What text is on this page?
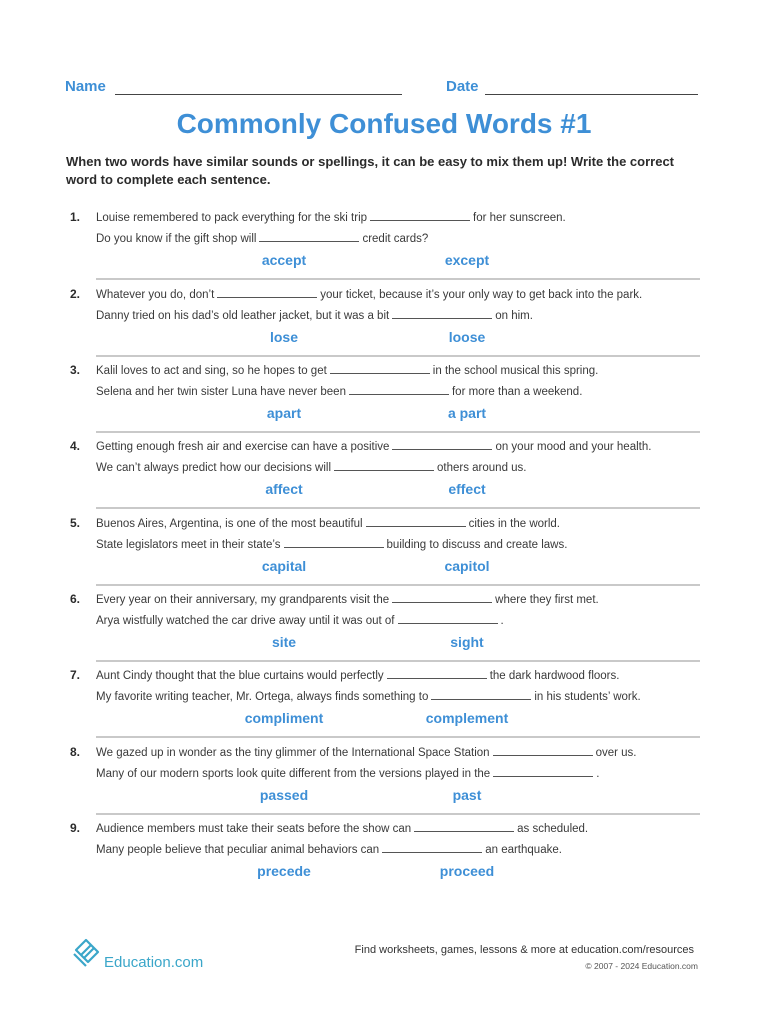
Name	Date
Commonly Confused Words #1
When two words have similar sounds or spellings, it can be easy to mix them up! Write the correct word to complete each sentence.
1. Louise remembered to pack everything for the ski trip	for her sunscreen.
Do you know if the gift shop will	credit cards?
accept	except
2. Whatever you do, don’t	your ticket, because it’s your only way to get back into the park.
Danny tried on his dad’s old leather jacket, but it was a bit	on him.
lose	loose
3. Kalil loves to act and sing, so he hopes to get	in the school musical this spring.
Selena and her twin sister Luna have never been	for more than a weekend.
apart	a part
4. Getting enough fresh air and exercise can have a positive	on your mood and your health.
We can’t always predict how our decisions will	others around us.
affect	effect
5. Buenos Aires, Argentina, is one of the most beautiful	cities in the world.
State legislators meet in their state’s	building to discuss and create laws.
capital	capitol
6. Every year on their anniversary, my grandparents visit the	where they first met.
Arya wistfully watched the car drive away until it was out of	.
site	sight
7. Aunt Cindy thought that the blue curtains would perfectly	the dark hardwood floors.
My favorite writing teacher, Mr. Ortega, always finds something to	in his students’ work.
compliment	complement
8. We gazed up in wonder as the tiny glimmer of the International Space Station	over us.
Many of our modern sports look quite different from the versions played in the	.
passed	past
9. Audience members must take their seats before the show can	as scheduled.
Many people believe that peculiar animal behaviors can	an earthquake.
precede	proceed
Education.com
Find worksheets, games, lessons & more at education.com/resources
© 2007 - 2024 Education.com
